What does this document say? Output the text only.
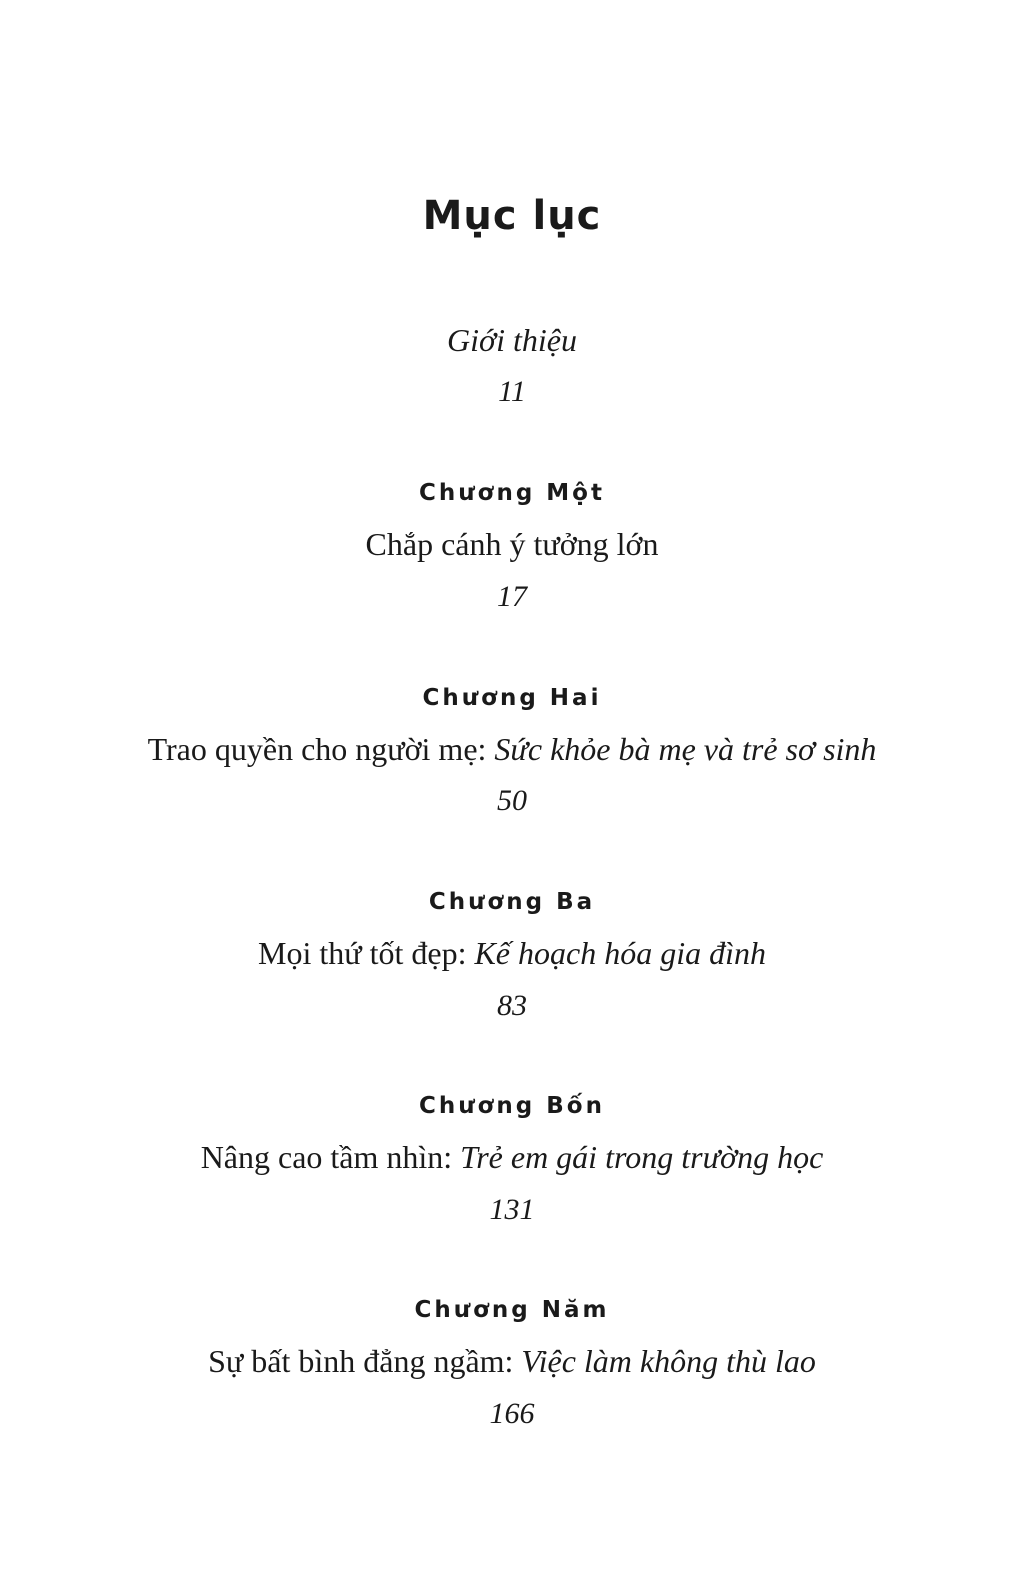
Mục lục

Giới thiệu

11

Chương Một

Chắp cánh ý tưởng lớn

17

Chương Hai

Trao quyền cho người mẹ: Sức khỏe bà mẹ và trẻ sơ sinh

50

Chương Ba

Mọi thứ tốt đẹp: Kế hoạch hóa gia đình

83

Chương Bốn

Nâng cao tầm nhìn: Trẻ em gái trong trường học

131

Chương Năm

Sự bất bình đẳng ngầm: Việc làm không thù lao

166
